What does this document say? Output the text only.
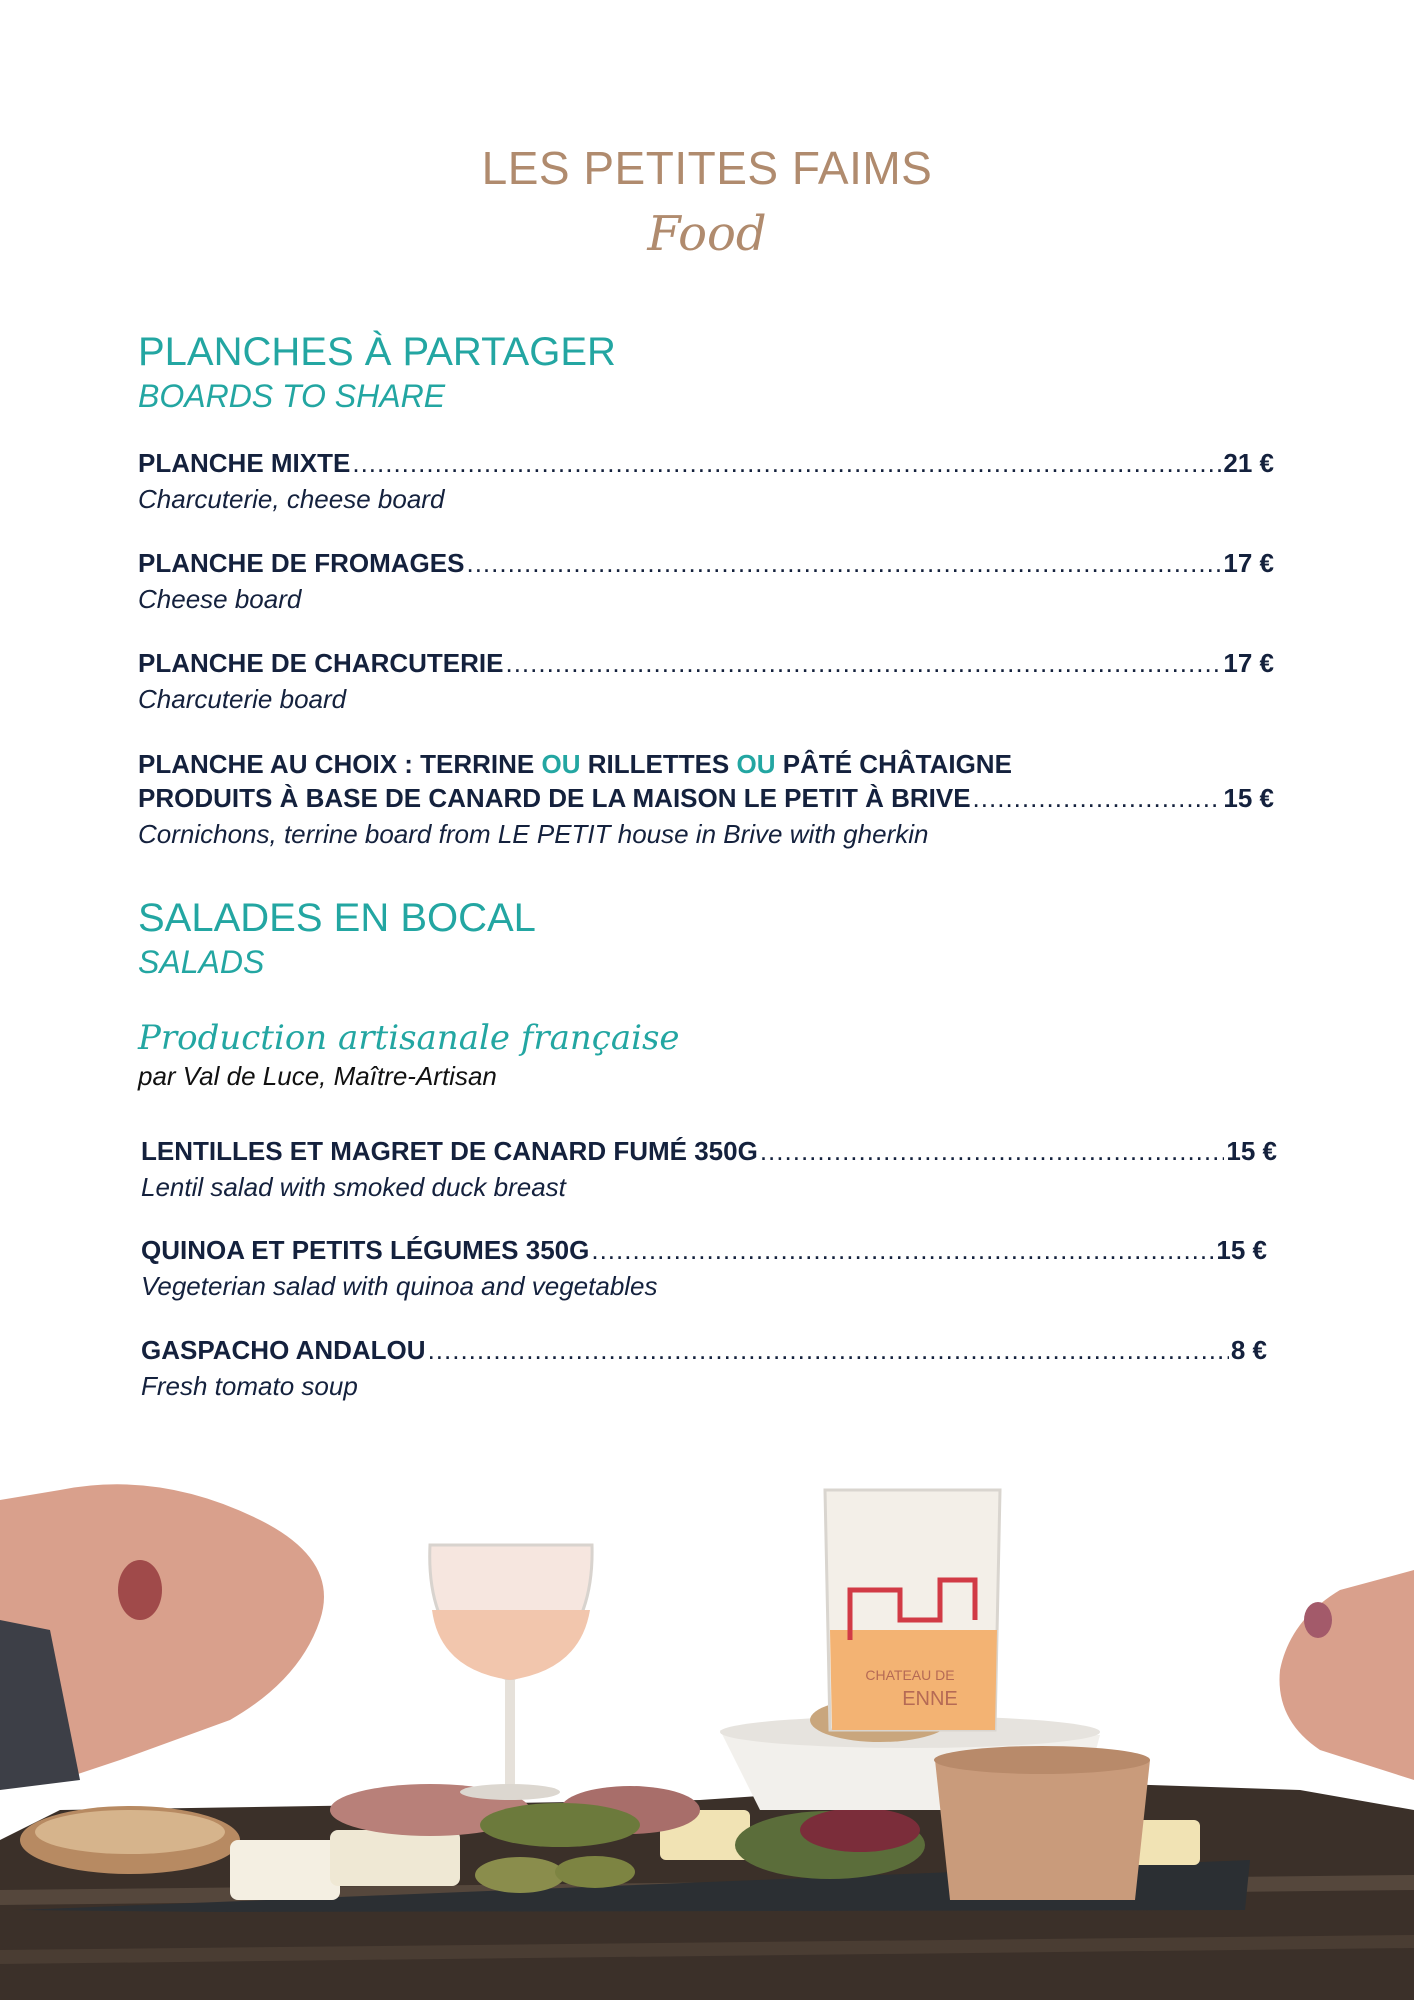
LES PETITES FAIMS
Food
PLANCHES À PARTAGER
BOARDS TO SHARE
PLANCHE MIXTE .....	21 €
Charcuterie, cheese board
PLANCHE DE FROMAGES .....	17 €
Cheese board
PLANCHE DE CHARCUTERIE .....	17 €
Charcuterie board
PLANCHE AU CHOIX : TERRINE OU RILLETTES OU PÂTÉ CHÂTAIGNE
PRODUITS À BASE DE CANARD DE LA MAISON LE PETIT À BRIVE .....	15 €
Cornichons, terrine board from LE PETIT house in Brive with gherkin
SALADES EN BOCAL
SALADS
Production artisanale française
par Val de Luce, Maître-Artisan
LENTILLES ET MAGRET DE CANARD FUMÉ 350G .....	15 €
Lentil salad with smoked duck breast
QUINOA ET PETITS LÉGUMES 350G .....	15 €
Vegeterian salad with quinoa and vegetables
GASPACHO ANDALOU .....	8 €
Fresh tomato soup
CHATEAU DE
ENNE
